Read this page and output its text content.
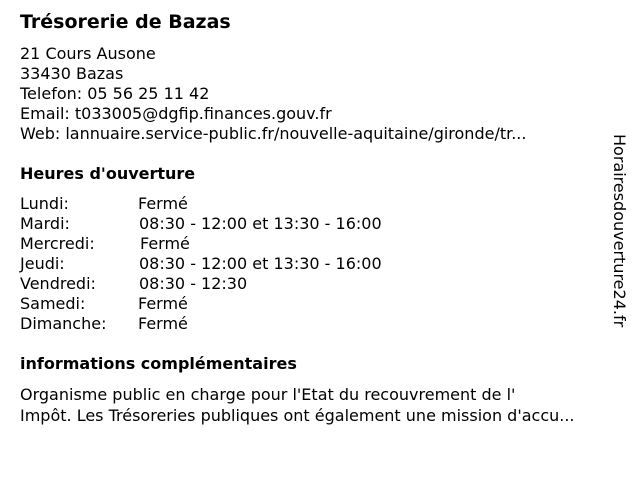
Trésorerie de Bazas
21 Cours Ausone
33430 Bazas
Telefon: 05 56 25 11 42
Email: t033005@dgfip.finances.gouv.fr
Web: lannuaire.service-public.fr/nouvelle-aquitaine/gironde/tr...
Heures d'ouverture
Lundi:	Fermé
Mardi:	08:30 - 12:00 et 13:30 - 16:00
Mercredi:	Fermé
Jeudi:	08:30 - 12:00 et 13:30 - 16:00
Vendredi:	08:30 - 12:30
Samedi:	Fermé
Dimanche: Fermé
informations complémentaires
Organisme public en charge pour l'Etat du recouvrement de l'
Impôt. Les Trésoreries publiques ont également une mission d'accu...
Horairesdouverture24.fr
